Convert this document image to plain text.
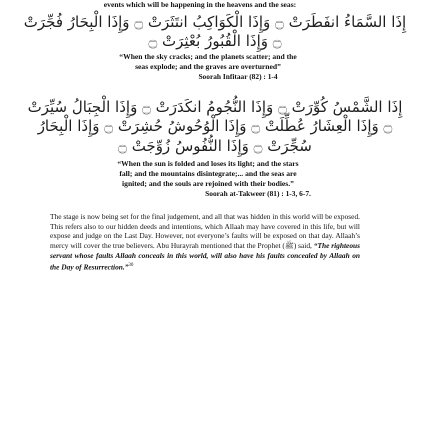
events which will be happening in the heavens and the seas:
إِذَا السَّمَاءُ انفَطَرَتْ ۝ وَإِذَا الْكَوَاكِبُ انتَثَرَتْ ۝ وَإِذَا الْبِحَارُ فُجِّرَتْ
۝ وَإِذَا الْقُبُورُ بُعْثِرَتْ ۝
“When the sky cracks; and the planets scatter; and the
seas explode; and the graves are overturned”
Soorah Infitaar (82) : 1-4
إِذَا الشَّمْسُ كُوِّرَتْ ۝ وَإِذَا النُّجُومُ انكَدَرَتْ ۝ وَإِذَا الْجِبَالُ سُيِّرَتْ
۝ وَإِذَا الْعِشَارُ عُطِّلَتْ ۝ وَإِذَا الْوُحُوشُ حُشِرَتْ ۝ وَإِذَا الْبِحَارُ
سُجِّرَتْ ۝ وَإِذَا النُّفُوسُ زُوِّجَتْ ۝
“When the sun is folded and loses its light; and the stars
fall; and the mountains disintegrate;... and the seas are
ignited; and the souls are rejoined with their bodies.”
Soorah at-Takweer (81) : 1-3, 6-7.
The stage is now being set for the final judgement, and all that was hidden in this world will be exposed. This refers also to our hidden deeds and intentions, which Allaah may have covered in this life, but will expose and judge on the Last Day. However, not everyone’s faults will be exposed on that day. Allaah’s mercy will cover the true believers. Abu Hurayrah mentioned that the Prophet (ﷺ) said, “The righteous servant whose faults Allaah conceals in this world, will also have his faults concealed by Allaah on the Day of Resurrection.”$^{30}$
